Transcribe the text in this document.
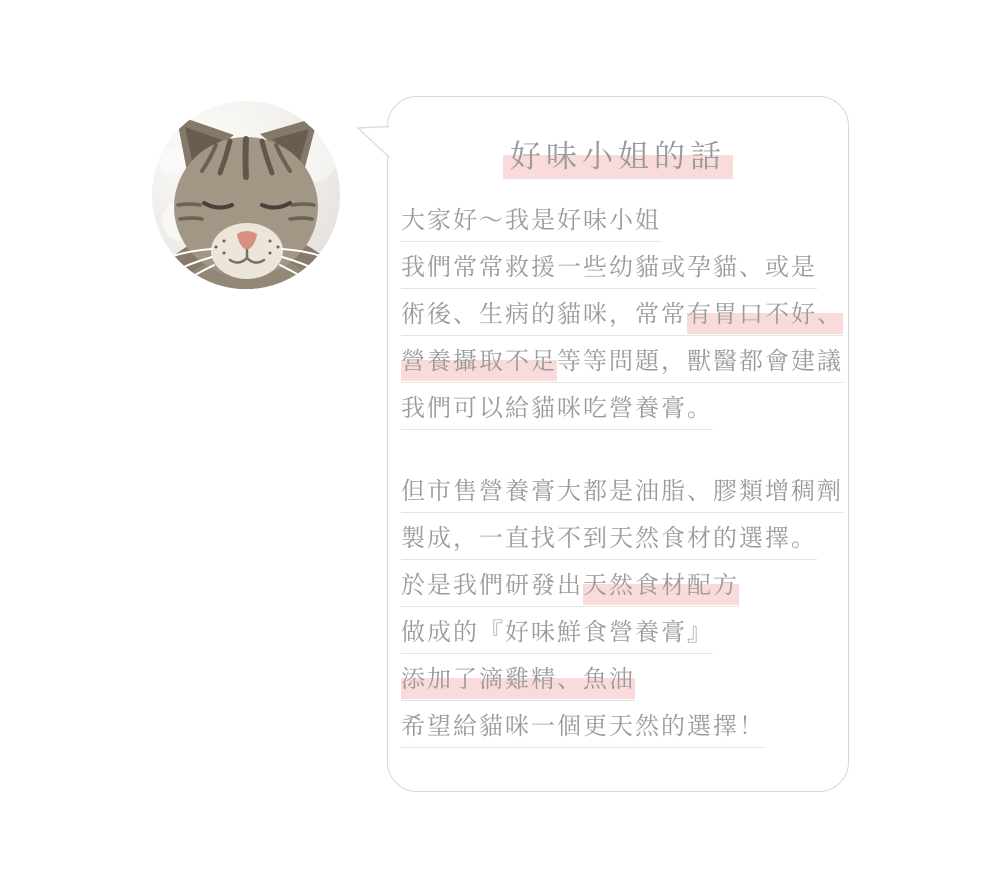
好味小姐的話
大家好～我是好味小姐
我們常常救援一些幼貓或孕貓、或是
術後、生病的貓咪，常常有胃口不好、
營養攝取不足等等問題，獸醫都會建議
我們可以給貓咪吃營養膏。
但市售營養膏大都是油脂、膠類增稠劑
製成，一直找不到天然食材的選擇。
於是我們研發出天然食材配方
做成的『好味鮮食營養膏』
添加了滴雞精、魚油
希望給貓咪一個更天然的選擇！
